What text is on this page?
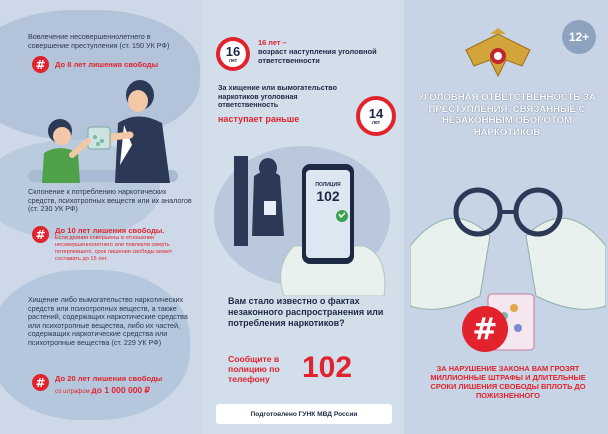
Вовлечение несовершеннолетнего в совершение преступления (ст. 150 УК РФ)
#	До 8 лет лишения свободы
Склонение к потреблению наркотических средств, психотропных веществ или их аналогов (ст. 230 УК РФ)
#	До 10 лет лишения свободы.
Если деяния совершены в отношении несовершеннолетнего или повлекли смерть потерпевшего, срок лишения свободы может составить до 15 лет.
Хищение либо вымогательство наркотических средств или психотропных веществ, а также растений, содержащих наркотические средства или психотропные вещества, либо их частей, содержащих наркотические средства или психотропные вещества (ст. 229 УК РФ)
#	До 20 лет лишения свободы
со штрафом до 1 000 000 ₽
16
лет
16 лет –
возраст наступления уголовной ответственности
За хищение или вымогательство наркотиков уголовная ответственность
наступает раньше	14
лет
ПОЛИЦИЯ
102
Вам стало известно о фактах незаконного распространения или потребления наркотиков?
Сообщите в полицию по телефону	102
Подготовлено ГУНК МВД России
12+
УГОЛОВНАЯ ОТВЕТСТВЕННОСТЬ ЗА ПРЕСТУПЛЕНИЯ, СВЯЗАННЫЕ С НЕЗАКОННЫМ ОБОРОТОМ НАРКОТИКОВ
#
ЗА НАРУШЕНИЕ ЗАКОНА ВАМ ГРОЗЯТ МИЛЛИОННЫЕ ШТРАФЫ И ДЛИТЕЛЬНЫЕ СРОКИ ЛИШЕНИЯ СВОБОДЫ ВПЛОТЬ ДО ПОЖИЗНЕННОГО
